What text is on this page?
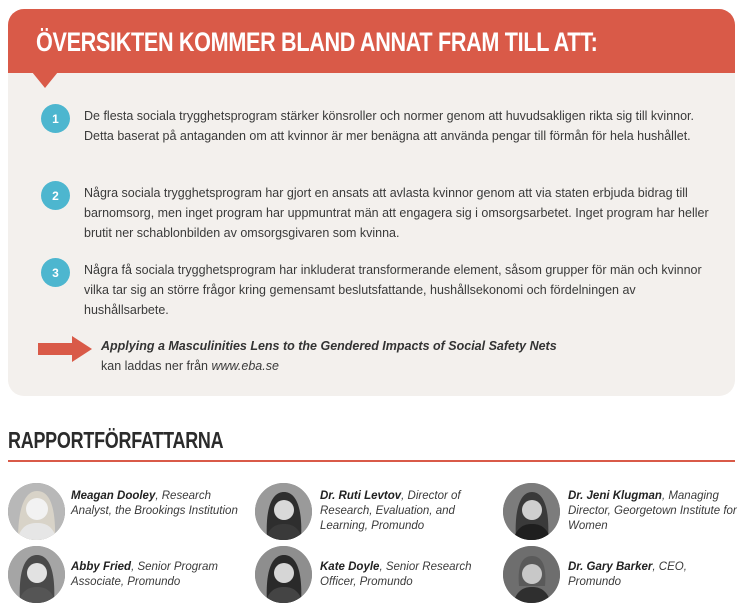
ÖVERSIKTEN KOMMER BLAND ANNAT FRAM TILL ATT:
1	De flesta sociala trygghetsprogram stärker könsroller och normer genom att huvudsakligen rikta sig till kvinnor. Detta baserat på antaganden om att kvinnor är mer benägna att använda pengar till förmån för hela hushållet.
2	Några sociala trygghetsprogram har gjort en ansats att avlasta kvinnor genom att via staten erbjuda bidrag till barnomsorg, men inget program har uppmuntrat män att engagera sig i omsorgsarbetet. Inget program har heller brutit ner schablonbilden av omsorgsgivaren som kvinna.
3	Några få sociala trygghetsprogram har inkluderat transformerande element, såsom grupper för män och kvinnor vilka tar sig an större frågor kring gemensamt beslutsfattande, hushållsekonomi och fördelningen av hushållsarbete.
Applying a Masculinities Lens to the Gendered Impacts of Social Safety Nets
kan laddas ner från www.eba.se
RAPPORTFÖRFATTARNA
Meagan Dooley, Research Analyst, the Brookings Institution
Dr. Ruti Levtov, Director of Research, Evaluation, and Learning, Promundo
Dr. Jeni Klugman, Managing Director, Georgetown Institute for Women
Abby Fried, Senior Program Associate, Promundo
Kate Doyle, Senior Research Officer, Promundo
Dr. Gary Barker, CEO, Promundo
